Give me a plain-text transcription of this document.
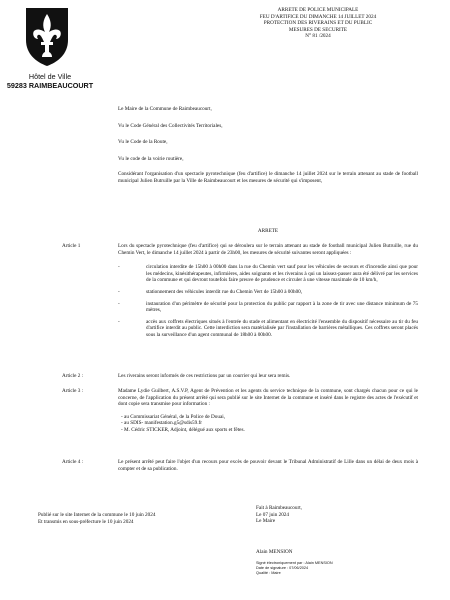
Hôtel de Ville
59283 RAIMBEAUCOURT
ARRETE DE POLICE MUNICIPALE
FEU D'ARTIFICE DU DIMANCHE 14 JUILLET 2024
PROTECTION DES RIVERAINS ET DU PUBLIC
MESURES DE SECURITE
N° 81 /2024
Le Maire de la Commune de Raimbeaucourt,
Vu le Code Général des Collectivités Territoriales,
Vu le Code de la Route,
Vu le code de la voirie routière,
Considérant l'organisation d'un spectacle pyrotechnique (feu d'artifice) le dimanche 14 juillet 2024 sur le terrain attenant au stade de football municipal Julien Butruille par la Ville de Raimbeaucourt et les mesures de sécurité qui s'imposent,
ARRETE
Article 1	Lors du spectacle pyrotechnique (feu d'artifice) qui se déroulera sur le terrain attenant au stade de football municipal Julien Butruille, rue du Chemin Vert, le dimanche 14 juillet 2024 à partir de 23h00, les mesures de sécurité suivantes seront appliquées :
- circulation interdite de 15h00 à 00h00 dans la rue du Chemin vert sauf pour les véhicules de secours et d'incendie ainsi que pour les médecins, kinésithérapeutes, infirmières, aides soignants et les riverains à qui un laissez-passer aura été délivré par les services de la commune et qui devront toutefois faire preuve de prudence et circuler à une vitesse maximale de 10 km/h,
- stationnement des véhicules interdit rue du Chemin Vert de 15h00 à 00h00,
- instauration d'un périmètre de sécurité pour la protection du public par rapport à la zone de tir avec une distance minimum de 75 mètres,
- accès aux coffrets électriques situés à l'entrée du stade et alimentant en électricité l'ensemble du dispositif nécessaire au tir du feu d'artifice interdit au public. Cette interdiction sera matérialisée par l'installation de barrières métalliques. Ces coffrets seront placés sous la surveillance d'un agent communal de 18h00 à 00h00.
Article 2 :	Les riverains seront informés de ces restrictions par un courrier qui leur sera remis.
Article 3 :	Madame Lydie Guilbert, A.S.V.P, Agent de Prévention et les agents du service technique de la commune, sont chargés chacun pour ce qui le concerne, de l'application du présent arrêté qui sera publié sur le site Internet de la commune et inséré dans le registre des actes de l'exécutif et dont copie sera transmise pour information :
- au Commissariat Général, de la Police de Douai,
- au SDIS- manifestation.g5@sdis59.fr
- M. Cédric STICKER, Adjoint, délégué aux sports et fêtes.
Article 4 :	Le présent arrêté peut faire l'objet d'un recours pour excès de pouvoir devant le Tribunal Administratif de Lille dans un délai de deux mois à compter et de sa publication.
Publié sur le site Internet de la commune le 10 juin 2024
Et transmis en sous-préfecture le 10 juin 2024
Fait à Raimbeaucourt,
Le 07 juin 2024
Le Maire
Alain MENSION
Signé électroniquement par : Alain MENSION
Date de signature : 07/06/2024
Qualité : Maire
